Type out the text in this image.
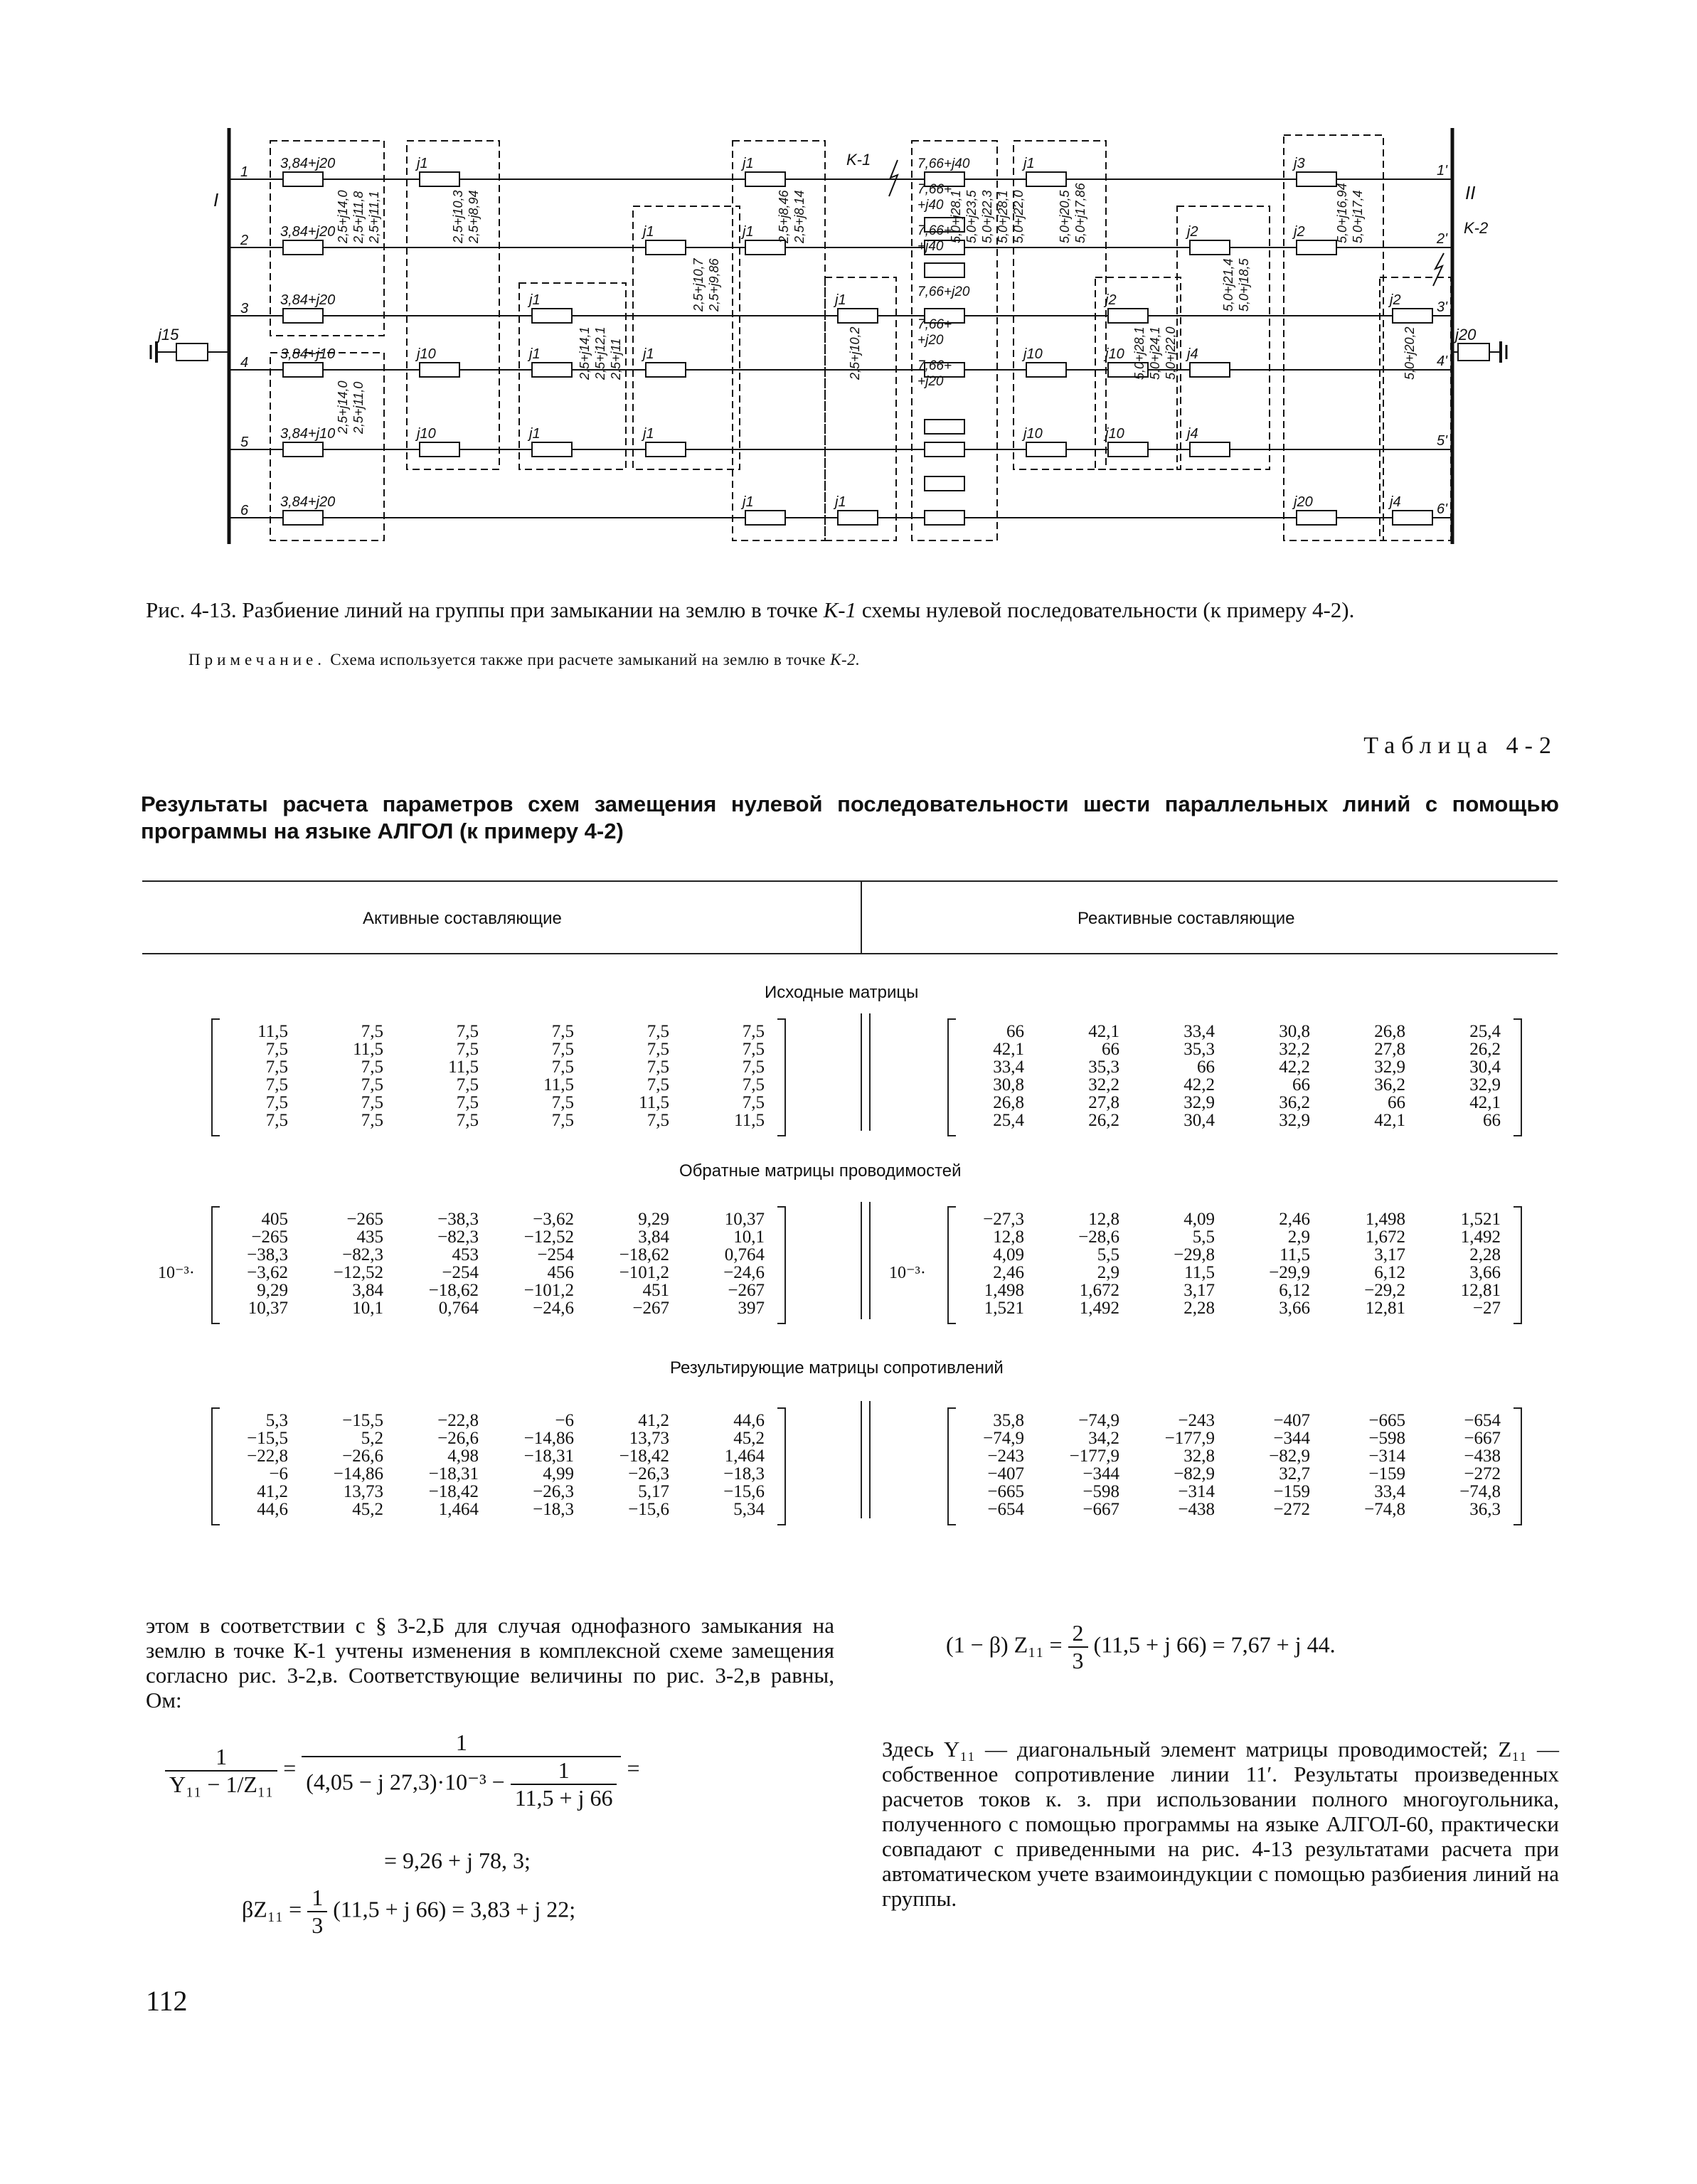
1
2
3
4
5
6
1'
2'
3'
4'
5'
6'
I	II
j15	j20
K-1
K-2
3,84+j20
3,84+j20
3,84+j20
2,5+j14,0 2,5+j11,8 2,5+j11,1
3,84+j10
3,84+j10
3,84+j20
2,5+j14,0 2,5+j11,0
j1
j10
j10
2,5+j10,3 2,5+j8,94
j1
j1
j1
2,5+j14,1 2,5+j12,1 2,5+j11
j1
j1
j1
2,5+j10,7 2,5+j9,86
j1
j1
j1
2,5+j8,46 2,5+j8,14
j1
j1
2,5+j10,2
5,0+j28,1 5,0+j23,5 5,0+j22,3 5,0+j28,1 5,0+j22,0
j1
j10
j10
5,0+j20,5 5,0+j17,86
j2
j10
j10
5,0+j28,1 5,0+j24,1 5,0+j22,0
j2
j4
j4
5,0+j21,4 5,0+j18,5
j3
j2
j20
5,0+j16,94 5,0+j17,4
j2
j4
5,0+j20,2
7,66+j40
7,66+
+j40
7,66+
+j40
7,66+j20
7,66+
+j20
7,66+
+j20
Рис. 4-13. Разбиение линий на группы при замыкании на землю в точке К-1 схемы нулевой последовательности (к примеру 4-2).
Примечание. Схема используется также при расчете замыканий на землю в точке К-2.
Таблица 4-2
Результаты расчета параметров схем замещения нулевой последовательности шести параллельных линий с помощью программы на языке АЛГОЛ (к примеру 4-2)
Активные составляющие	Реактивные составляющие
Исходные матрицы
Обратные матрицы проводимостей
Результирующие матрицы сопротивлений
10⁻³·	10⁻³·
11,5	7,5	7,5	7,5	7,5	7,5
7,5	11,5	7,5	7,5	7,5	7,5
7,5	7,5	11,5	7,5	7,5	7,5
7,5	7,5	7,5	11,5	7,5	7,5
7,5	7,5	7,5	7,5	11,5	7,5
7,5	7,5	7,5	7,5	7,5	11,5
66	42,1	33,4	30,8	26,8	25,4
42,1	66	35,3	32,2	27,8	26,2
33,4	35,3	66	42,2	32,9	30,4
30,8	32,2	42,2	66	36,2	32,9
26,8	27,8	32,9	36,2	66	42,1
25,4	26,2	30,4	32,9	42,1	66
405	−265	−38,3	−3,62	9,29	10,37
−265	435	−82,3	−12,52	3,84	10,1
−38,3	−82,3	453	−254	−18,62	0,764
−3,62	−12,52	−254	456	−101,2	−24,6
9,29	3,84	−18,62	−101,2	451	−267
10,37	10,1	0,764	−24,6	−267	397
−27,3	12,8	4,09	2,46	1,498	1,521
12,8	−28,6	5,5	2,9	1,672	1,492
4,09	5,5	−29,8	11,5	3,17	2,28
2,46	2,9	11,5	−29,9	6,12	3,66
1,498	1,672	3,17	6,12	−29,2	12,81
1,521	1,492	2,28	3,66	12,81	−27
5,3	−15,5	−22,8	−6	41,2	44,6
−15,5	5,2	−26,6	−14,86	13,73	45,2
−22,8	−26,6	4,98	−18,31	−18,42	1,464
−6	−14,86	−18,31	4,99	−26,3	−18,3
41,2	13,73	−18,42	−26,3	5,17	−15,6
44,6	45,2	1,464	−18,3	−15,6	5,34
35,8	−74,9	−243	−407	−665	−654
−74,9	34,2	−177,9	−344	−598	−667
−243	−177,9	32,8	−82,9	−314	−438
−407	−344	−82,9	32,7	−159	−272
−665	−598	−314	−159	33,4	−74,8
−654	−667	−438	−272	−74,8	36,3
этом в соответствии с § 3-2,Б для случая однофазного замыкания на землю в точке К-1 учтены изменения в комплексной схеме замещения согласно рис. 3-2,в. Соответствующие величины по рис. 3-2,в равны, Ом:
$\frac{1}{\text{Y₁₁ − 1/Z₁₁}} = \frac{1}{(4,05 - j 27,3)\cdot 10^{-3} - \frac{1}{11,5 + j 66}}$ =
= 9,26 + j 78, 3;
$\beta Z_{11} = \frac{1}{3} (11,5 + j$ 66) = 3,83 + j 22;
(1 − β) $Z_{11} = \frac{2}{3} (11,5 + j$ 66) = 7,67 + j 44.
Здесь Y₁₁ — диагональный элемент матрицы проводимостей; Z₁₁ — собственное сопротивление линии 11′. Результаты произведенных расчетов токов к. з. при использовании полного многоугольника, полученного с помощью программы на языке АЛГОЛ-60, практически совпадают с приведенными на рис. 4-13 результатами расчета при автоматическом учете взаимоиндукции с помощью разбиения линий на группы.
112
